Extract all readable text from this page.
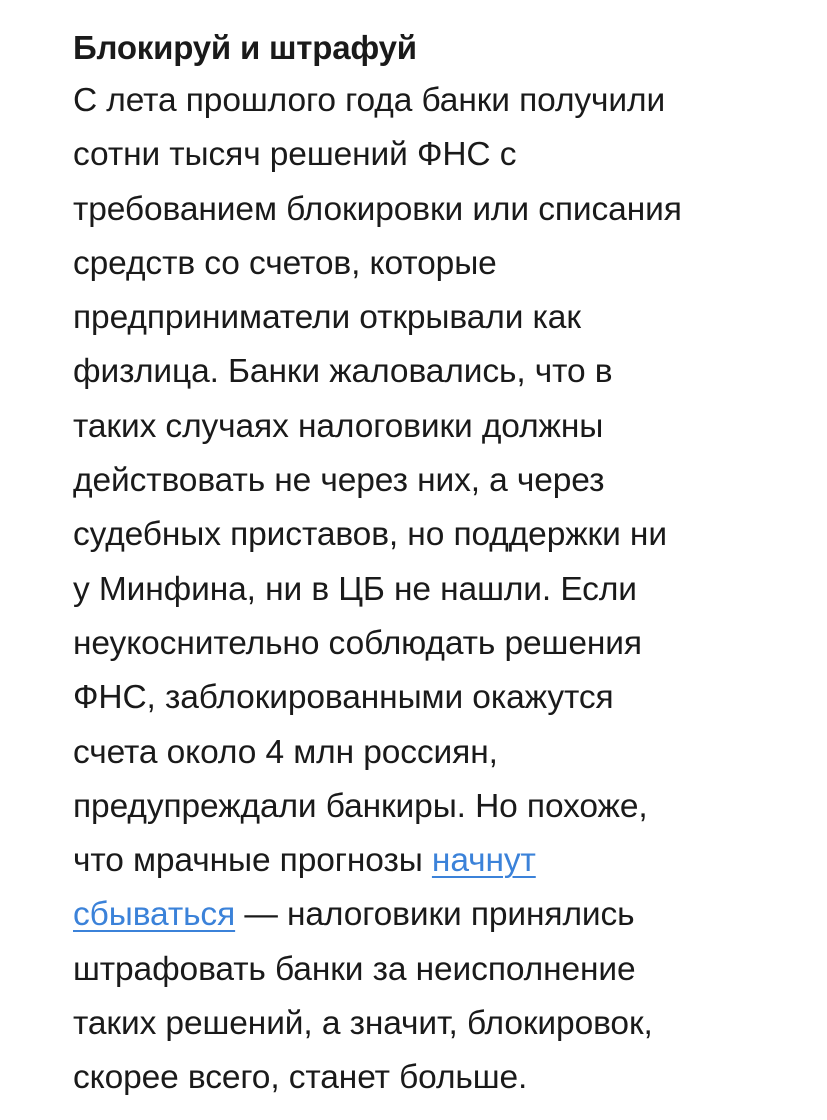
Блокируй и штрафуй

С лета прошлого года банки получили
сотни тысяч решений ФНС с
требованием блокировки или списания
средств со счетов, которые
предприниматели открывали как
физлица. Банки жаловались, что в
таких случаях налоговики должны
действовать не через них, а через
судебных приставов, но поддержки ни
у Минфина, ни в ЦБ не нашли. Если
неукоснительно соблюдать решения
ФНС, заблокированными окажутся
счета около 4 млн россиян,
предупреждали банкиры. Но похоже,
что мрачные прогнозы начнут
сбываться — налоговики принялись
штрафовать банки за неисполнение
таких решений, а значит, блокировок,
скорее всего, станет больше.
